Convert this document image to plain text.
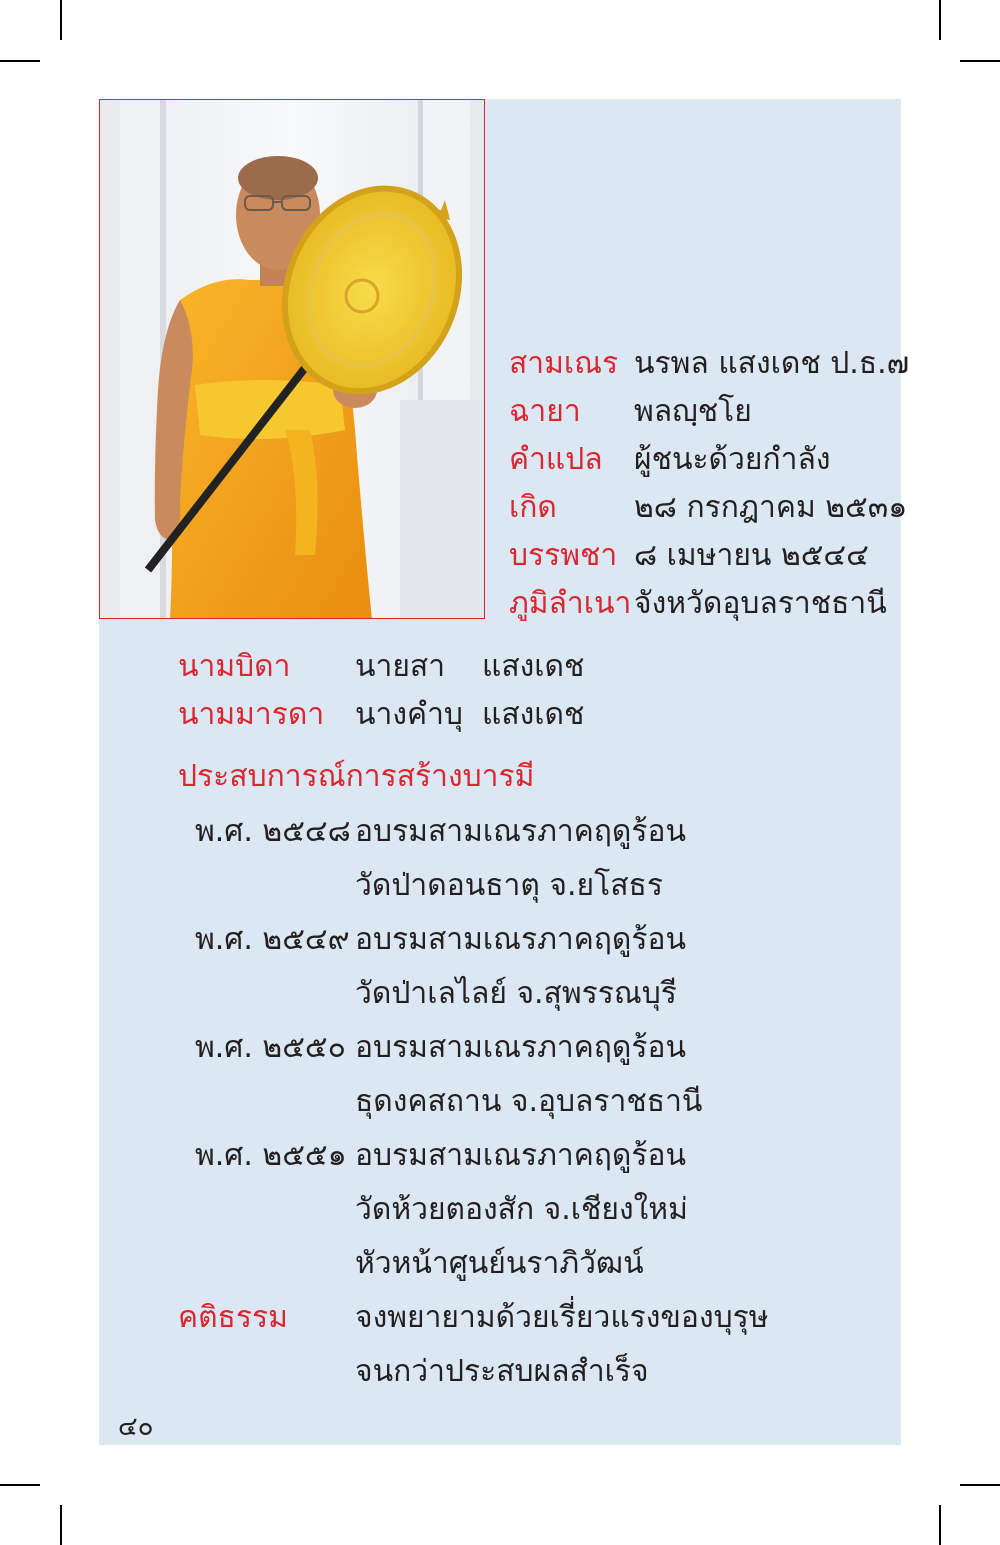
สามเณร นรพล แสงเดช ป.ธ.๗
ฉายา พลญฺชโย
คำแปล ผู้ชนะด้วยกำลัง
เกิด	๒๘ กรกฎาคม ๒๕๓๑
บรรพชา ๘ เมษายน ๒๕๔๔
ภูมิลำเนา จังหวัดอุบลราชธานี
นามบิดา นายสา แสงเดช
นามมารดา นางคำบุ แสงเดช
ประสบการณ์การสร้างบารมี
พ.ศ. ๒๕๔๘ อบรมสามเณรภาคฤดูร้อน
วัดป่าดอนธาตุ จ.ยโสธร
พ.ศ. ๒๕๔๙ อบรมสามเณรภาคฤดูร้อน
วัดป่าเลไลย์ จ.สุพรรณบุรี
พ.ศ. ๒๕๕๐ อบรมสามเณรภาคฤดูร้อน
ธุดงคสถาน จ.อุบลราชธานี
พ.ศ. ๒๕๕๑ อบรมสามเณรภาคฤดูร้อน
วัดห้วยตองสัก จ.เชียงใหม่
หัวหน้าศูนย์นราภิวัฒน์
คติธรรม จงพยายามด้วยเรี่ยวแรงของบุรุษ
จนกว่าประสบผลสำเร็จ
๔๐
